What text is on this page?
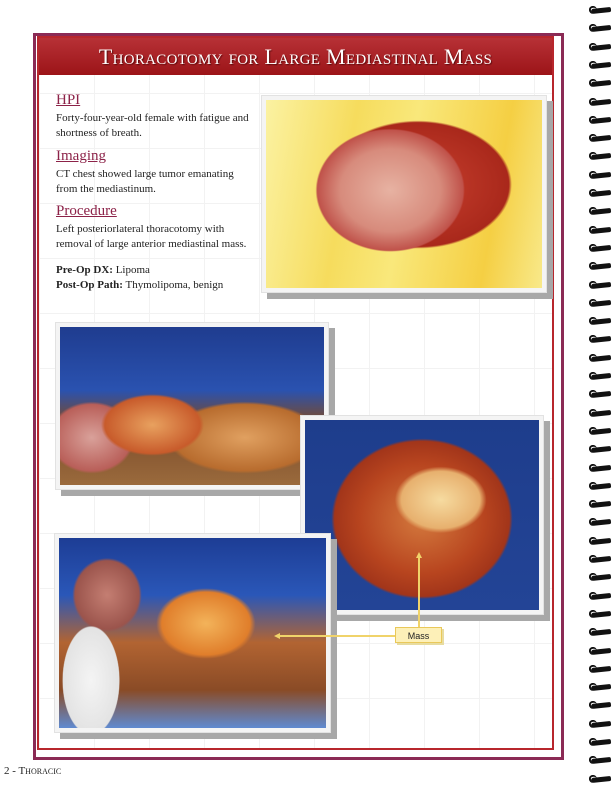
Thoracotomy for Large Mediastinal Mass
HPI
Forty-four-year-old female with fatigue and shortness of breath.
Imaging
CT chest showed large tumor emanating from the mediastinum.
Procedure
Left posteriorlateral thoracotomy with removal of large anterior mediastinal mass.
Pre-Op DX: Lipoma
Post-Op Path: Thymolipoma, benign
Mass
2 - Thoracic
